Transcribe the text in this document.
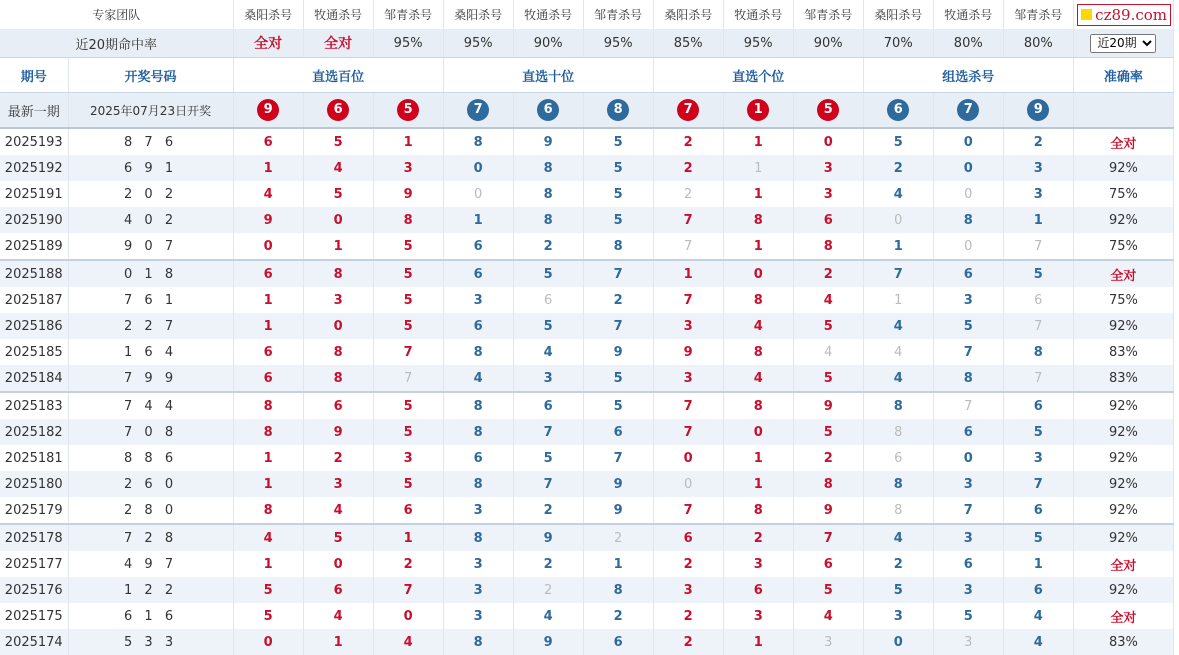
专家团队		桑阳杀号	牧通杀号	邹青杀号	桑阳杀号	牧通杀号	邹青杀号	桑阳杀号	牧通杀号	邹青杀号	桑阳杀号	牧通杀号	邹青杀号	cz89.com

近20期命中率		全对	全对	95%	95%	90%	95%	85%	95%	90%	70%	80%	80%	
近20期
期号	开奖号码	直选百位			直选十位			直选个位			组选杀号			准确率
最新一期	2025年07月23日开奖	9	6	5	7	6	8	7	1	5	6	7	9	
2025193	8 7 6	6	5	1	8	9	5	2	1	0	5	0	2	全对
2025192	6 9 1	1	4	3	0	8	5	2	1	3	2	0	3	92%
2025191	2 0 2	4	5	9	0	8	5	2	1	3	4	0	3	75%
2025190	4 0 2	9	0	8	1	8	5	7	8	6	0	8	1	92%
2025189	9 0 7	0	1	5	6	2	8	7	1	8	1	0	7	75%
2025188	0 1 8	6	8	5	6	5	7	1	0	2	7	6	5	全对
2025187	7 6 1	1	3	5	3	6	2	7	8	4	1	3	6	75%
2025186	2 2 7	1	0	5	6	5	7	3	4	5	4	5	7	92%
2025185	1 6 4	6	8	7	8	4	9	9	8	4	4	7	8	83%
2025184	7 9 9	6	8	7	4	3	5	3	4	5	4	8	7	83%
2025183	7 4 4	8	6	5	8	6	5	7	8	9	8	7	6	92%
2025182	7 0 8	8	9	5	8	7	6	7	0	5	8	6	5	92%
2025181	8 8 6	1	2	3	6	5	7	0	1	2	6	0	3	92%
2025180	2 6 0	1	3	5	8	7	9	0	1	8	8	3	7	92%
2025179	2 8 0	8	4	6	3	2	9	7	8	9	8	7	6	92%
2025178	7 2 8	4	5	1	8	9	2	6	2	7	4	3	5	92%
2025177	4 9 7	1	0	2	3	2	1	2	3	6	2	6	1	全对
2025176	1 2 2	5	6	7	3	2	8	3	6	5	5	3	6	92%
2025175	6 1 6	5	4	0	3	4	2	2	3	4	3	5	4	全对
2025174	5 3 3	0	1	4	8	9	6	2	1	3	0	3	4	83%
